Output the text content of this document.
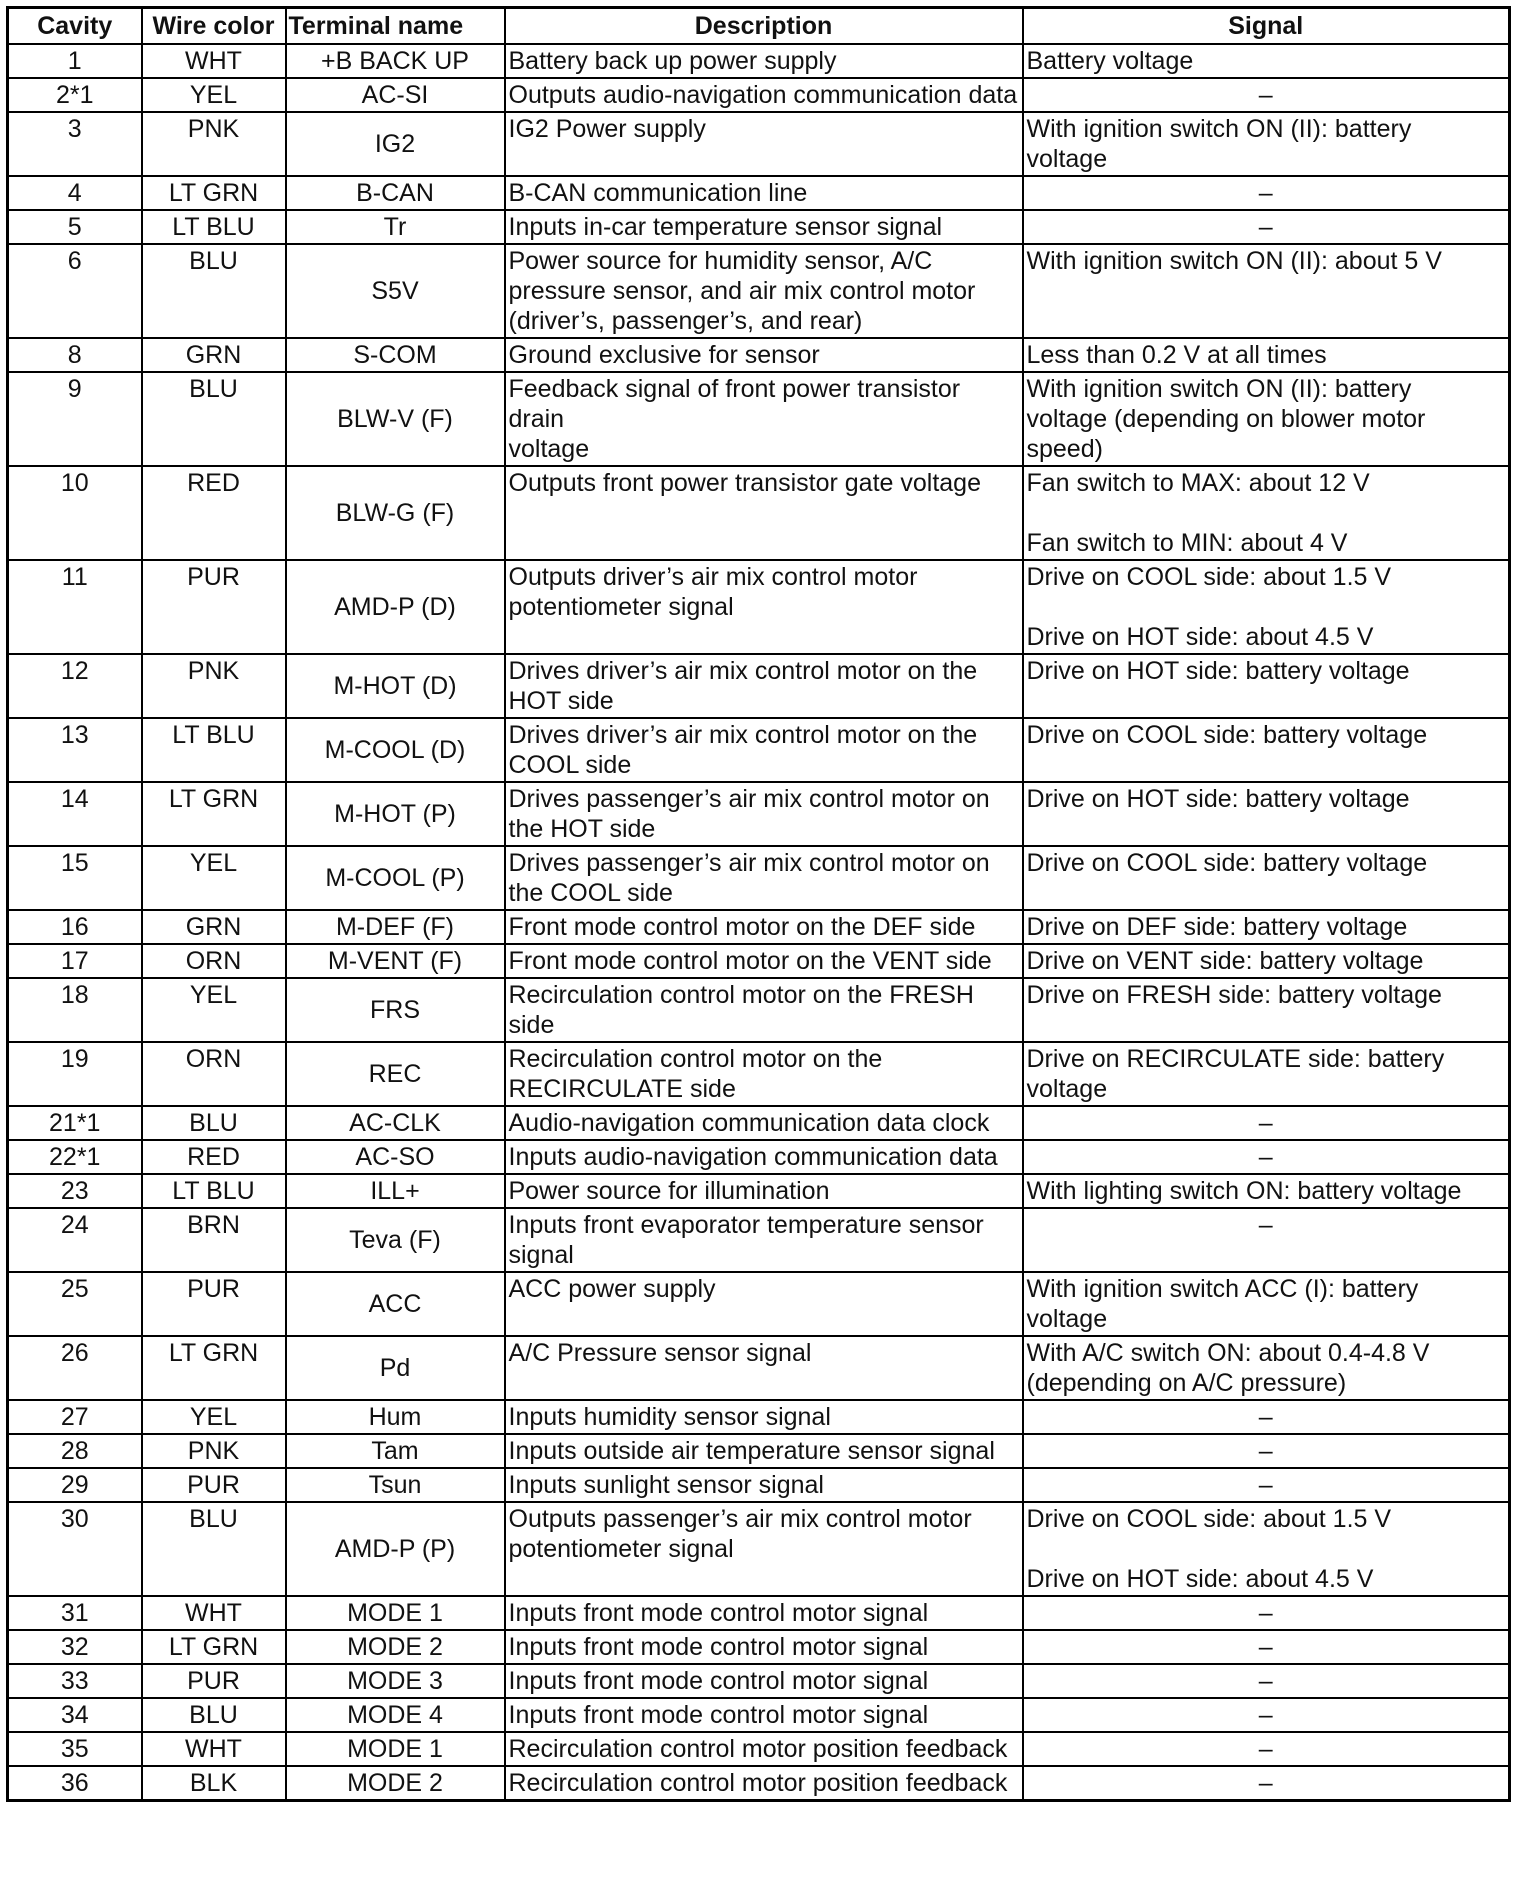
Cavity	Wire color	Terminal name	Description	Signal
1	WHT	+B BACK UP	Battery back up power supply	Battery voltage
2*1	YEL	AC-SI	Outputs audio-navigation communication data	–
3	PNK	IG2	IG2 Power supply	With ignition switch ON (II): battery
voltage
4	LT GRN	B-CAN	B-CAN communication line	–
5	LT BLU	Tr	Inputs in-car temperature sensor signal	–
6	BLU	S5V	Power source for humidity sensor, A/C
pressure sensor, and air mix control motor
(driver’s, passenger’s, and rear)	With ignition switch ON (II): about 5 V
8	GRN	S-COM	Ground exclusive for sensor	Less than 0.2 V at all times
9	BLU	BLW-V (F)	Feedback signal of front power transistor drain
voltage	With ignition switch ON (II): battery
voltage (depending on blower motor
speed)
10	RED	BLW-G (F)	Outputs front power transistor gate voltage	Fan switch to MAX: about 12 V

Fan switch to MIN: about 4 V
11	PUR	AMD-P (D)	Outputs driver’s air mix control motor
potentiometer signal	Drive on COOL side: about 1.5 V

Drive on HOT side: about 4.5 V
12	PNK	M-HOT (D)	Drives driver’s air mix control motor on the
HOT side	Drive on HOT side: battery voltage
13	LT BLU	M-COOL (D)	Drives driver’s air mix control motor on the
COOL side	Drive on COOL side: battery voltage
14	LT GRN	M-HOT (P)	Drives passenger’s air mix control motor on
the HOT side	Drive on HOT side: battery voltage
15	YEL	M-COOL (P)	Drives passenger’s air mix control motor on
the COOL side	Drive on COOL side: battery voltage
16	GRN	M-DEF (F)	Front mode control motor on the DEF side	Drive on DEF side: battery voltage
17	ORN	M-VENT (F)	Front mode control motor on the VENT side	Drive on VENT side: battery voltage
18	YEL	FRS	Recirculation control motor on the FRESH
side	Drive on FRESH side: battery voltage
19	ORN	REC	Recirculation control motor on the
RECIRCULATE side	Drive on RECIRCULATE side: battery
voltage
21*1	BLU	AC-CLK	Audio-navigation communication data clock	–
22*1	RED	AC-SO	Inputs audio-navigation communication data	–
23	LT BLU	ILL+	Power source for illumination	With lighting switch ON: battery voltage
24	BRN	Teva (F)	Inputs front evaporator temperature sensor
signal	–
25	PUR	ACC	ACC power supply	With ignition switch ACC (I): battery
voltage
26	LT GRN	Pd	A/C Pressure sensor signal	With A/C switch ON: about 0.4-4.8 V
(depending on A/C pressure)
27	YEL	Hum	Inputs humidity sensor signal	–
28	PNK	Tam	Inputs outside air temperature sensor signal	–
29	PUR	Tsun	Inputs sunlight sensor signal	–
30	BLU	AMD-P (P)	Outputs passenger’s air mix control motor
potentiometer signal	Drive on COOL side: about 1.5 V

Drive on HOT side: about 4.5 V
31	WHT	MODE 1	Inputs front mode control motor signal	–
32	LT GRN	MODE 2	Inputs front mode control motor signal	–
33	PUR	MODE 3	Inputs front mode control motor signal	–
34	BLU	MODE 4	Inputs front mode control motor signal	–
35	WHT	MODE 1	Recirculation control motor position feedback	–
36	BLK	MODE 2	Recirculation control motor position feedback	–
